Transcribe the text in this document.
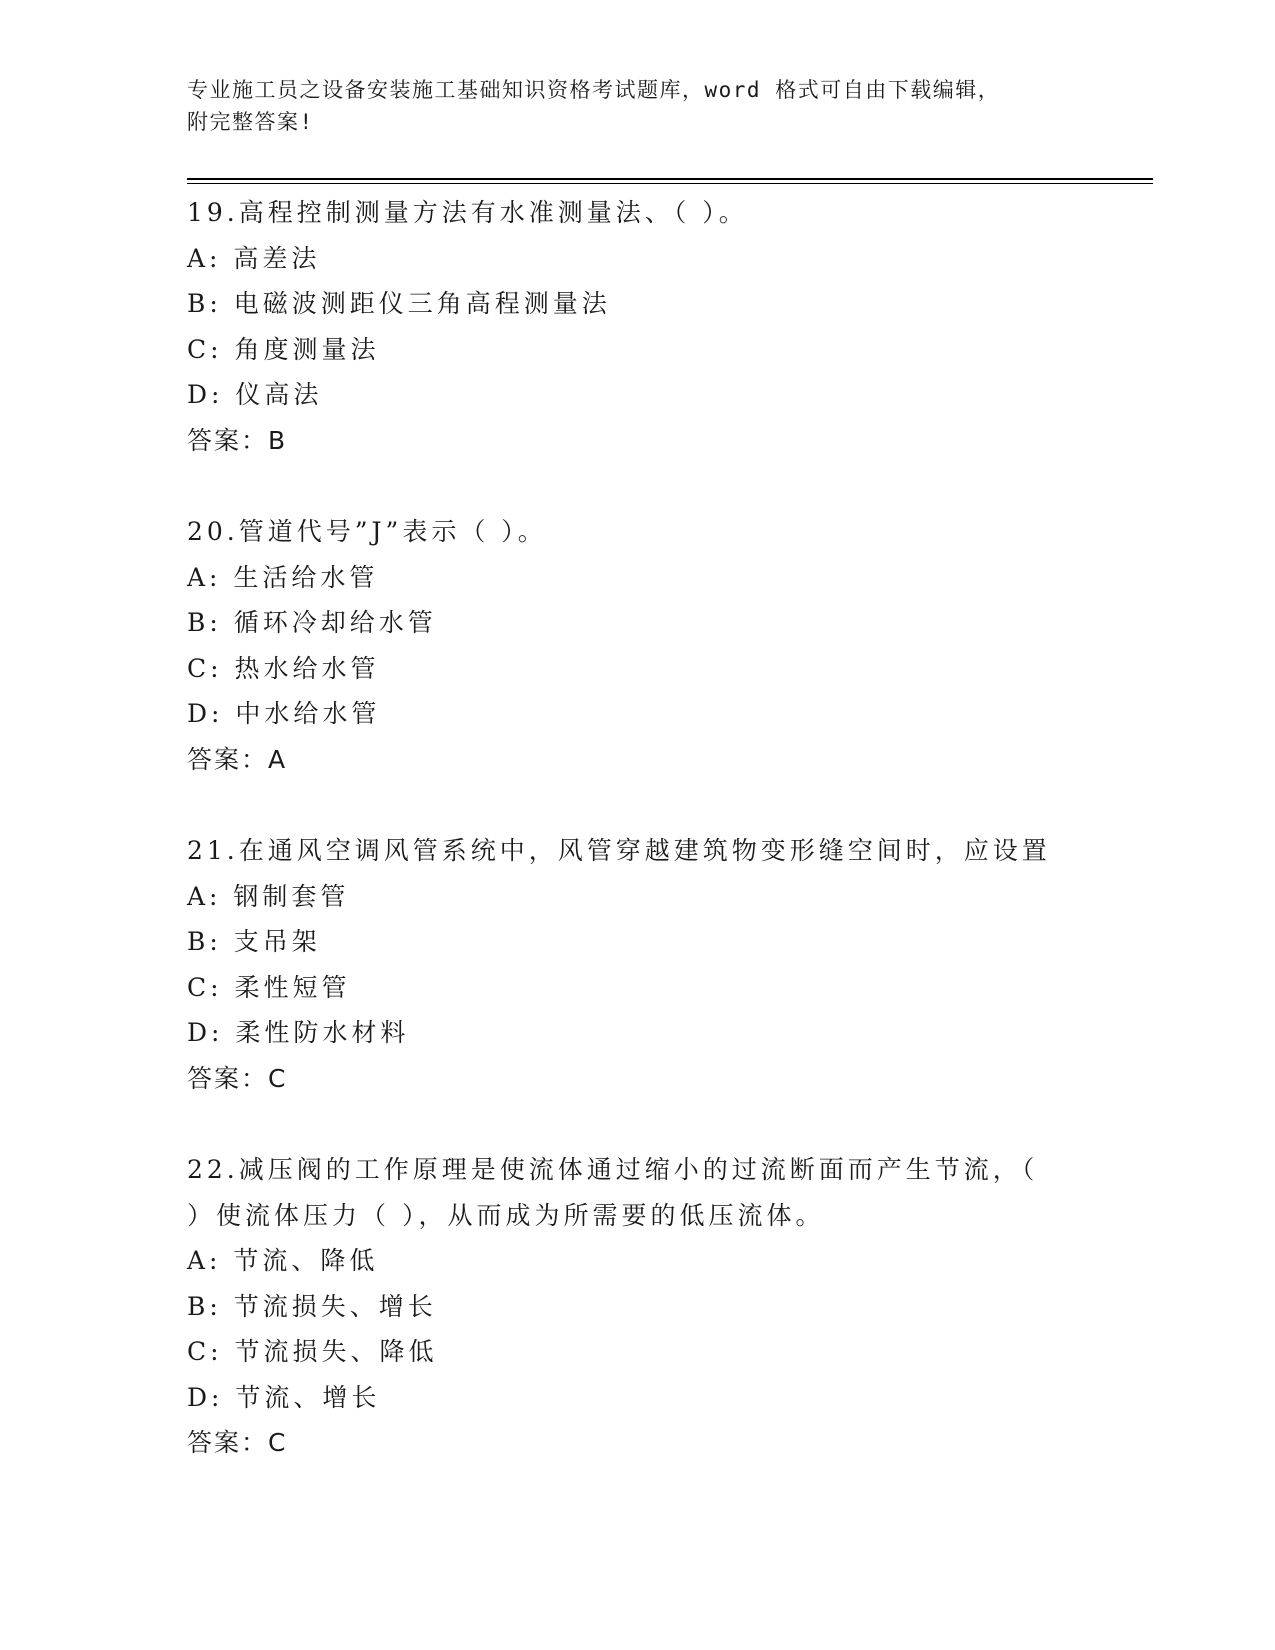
专业施工员之设备安装施工基础知识资格考试题库，word 格式可自由下载编辑，
附完整答案!
19.高程控制测量方法有水准测量法、（ ）。
A: 高差法
B: 电磁波测距仪三角高程测量法
C: 角度测量法
D: 仪高法
答案：B
20.管道代号”J”表示（ ）。
A: 生活给水管
B: 循环冷却给水管
C: 热水给水管
D: 中水给水管
答案：A
21.在通风空调风管系统中，风管穿越建筑物变形缝空间时，应设置
A: 钢制套管
B: 支吊架
C: 柔性短管
D: 柔性防水材料
答案：C
22.减压阀的工作原理是使流体通过缩小的过流断面而产生节流，（
）使流体压力（ ），从而成为所需要的低压流体。
A: 节流、降低
B: 节流损失、增长
C: 节流损失、降低
D: 节流、增长
答案：C
